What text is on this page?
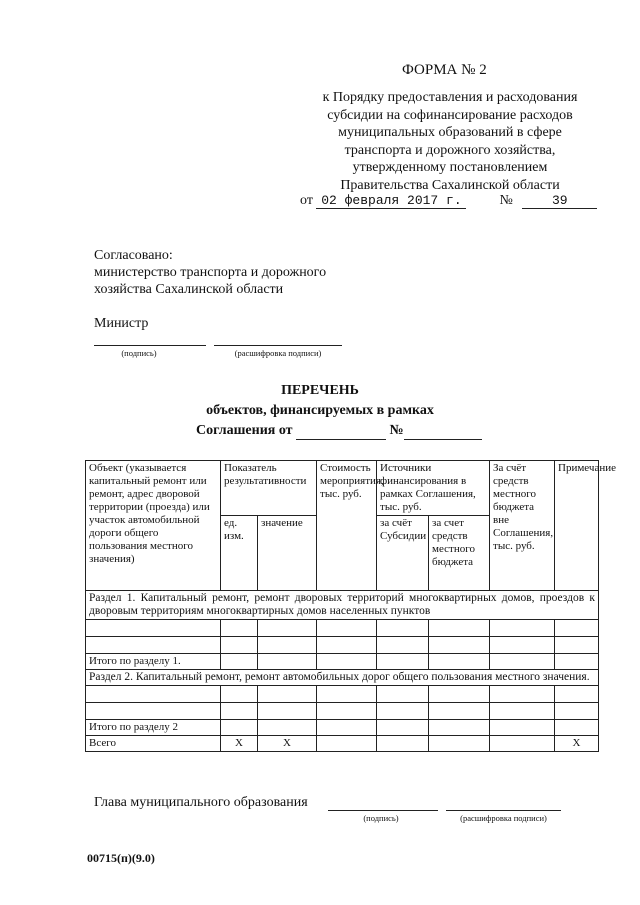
ФОРМА № 2
к Порядку предоставления и расходования
субсидии на софинансирование расходов
муниципальных образований в сфере
транспорта и дорожного хозяйства,
утвержденному постановлением
Правительства Сахалинской области
от 02 февраля 2017 г.	№	39
Согласовано:
министерство транспорта и дорожного
хозяйства Сахалинской области
Министр
(подпись)	(расшифровка подписи)
ПЕРЕЧЕНЬ
объектов, финансируемых в рамках
Соглашения от	№
Объект (указывается капитальный ремонт или ремонт, адрес дворовой территории (проезда) или участок автомобильной дороги общего пользования местного значения)	Показатель результативности		Стоимость мероприятия, тыс. руб.	Источники финансирования в рамках Соглашения, тыс. руб.		За счёт средств местного бюджета вне Соглашения, тыс. руб.	Примечание
	ед. изм.	значение		за счёт Субсидии	за счет средств местного бюджета		
Раздел 1. Капитальный ремонт, ремонт дворовых территорий многоквартирных домов, проездов к дворовым территориям многоквартирных домов населенных пунктов							

Итого по разделу 1.							
Раздел 2. Капитальный ремонт, ремонт автомобильных дорог общего пользования местного значения.							

Итого по разделу 2							
Всего	X	X					X
Глава муниципального образования
(подпись)	(расшифровка подписи)
00715(п)(9.0)
